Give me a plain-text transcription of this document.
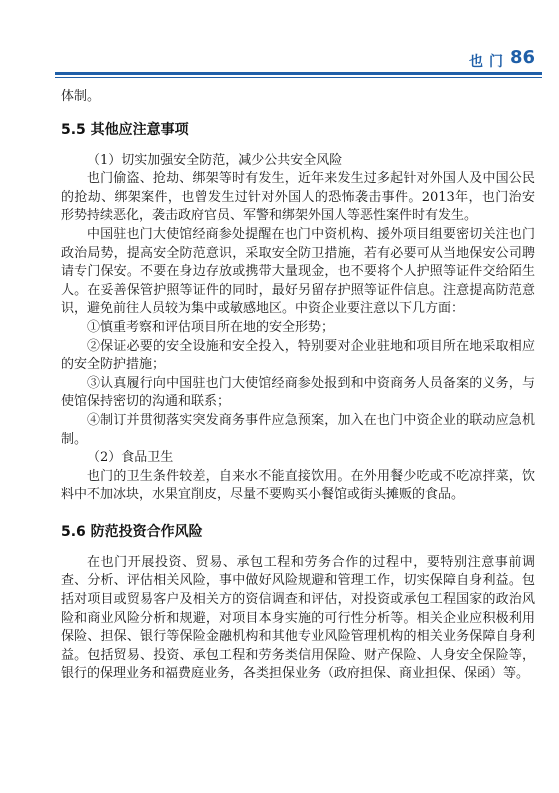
也门 86

体制。

5.5 其他应注意事项

（1）切实加强安全防范，减少公共安全风险

也门偷盗、抢劫、绑架等时有发生，近年来发生过多起针对外国人及中国公民的抢劫、绑架案件，也曾发生过针对外国人的恐怖袭击事件。2013年，也门治安形势持续恶化，袭击政府官员、军警和绑架外国人等恶性案件时有发生。

中国驻也门大使馆经商参处提醒在也门中资机构、援外项目组要密切关注也门政治局势，提高安全防范意识，采取安全防卫措施，若有必要可从当地保安公司聘请专门保安。不要在身边存放或携带大量现金，也不要将个人护照等证件交给陌生人。在妥善保管护照等证件的同时，最好另留存护照等证件信息。注意提高防范意识，避免前往人员较为集中或敏感地区。中资企业要注意以下几方面：

①慎重考察和评估项目所在地的安全形势；

②保证必要的安全设施和安全投入，特别要对企业驻地和项目所在地采取相应的安全防护措施；

③认真履行向中国驻也门大使馆经商参处报到和中资商务人员备案的义务，与使馆保持密切的沟通和联系；

④制订并贯彻落实突发商务事件应急预案，加入在也门中资企业的联动应急机制。

（2）食品卫生

也门的卫生条件较差，自来水不能直接饮用。在外用餐少吃或不吃凉拌菜，饮料中不加冰块，水果宜削皮，尽量不要购买小餐馆或街头摊贩的食品。

5.6 防范投资合作风险

在也门开展投资、贸易、承包工程和劳务合作的过程中，要特别注意事前调查、分析、评估相关风险，事中做好风险规避和管理工作，切实保障自身利益。包括对项目或贸易客户及相关方的资信调查和评估，对投资或承包工程国家的政治风险和商业风险分析和规避，对项目本身实施的可行性分析等。相关企业应积极利用保险、担保、银行等保险金融机构和其他专业风险管理机构的相关业务保障自身利益。包括贸易、投资、承包工程和劳务类信用保险、财产保险、人身安全保险等，银行的保理业务和福费庭业务，各类担保业务（政府担保、商业担保、保函）等。
